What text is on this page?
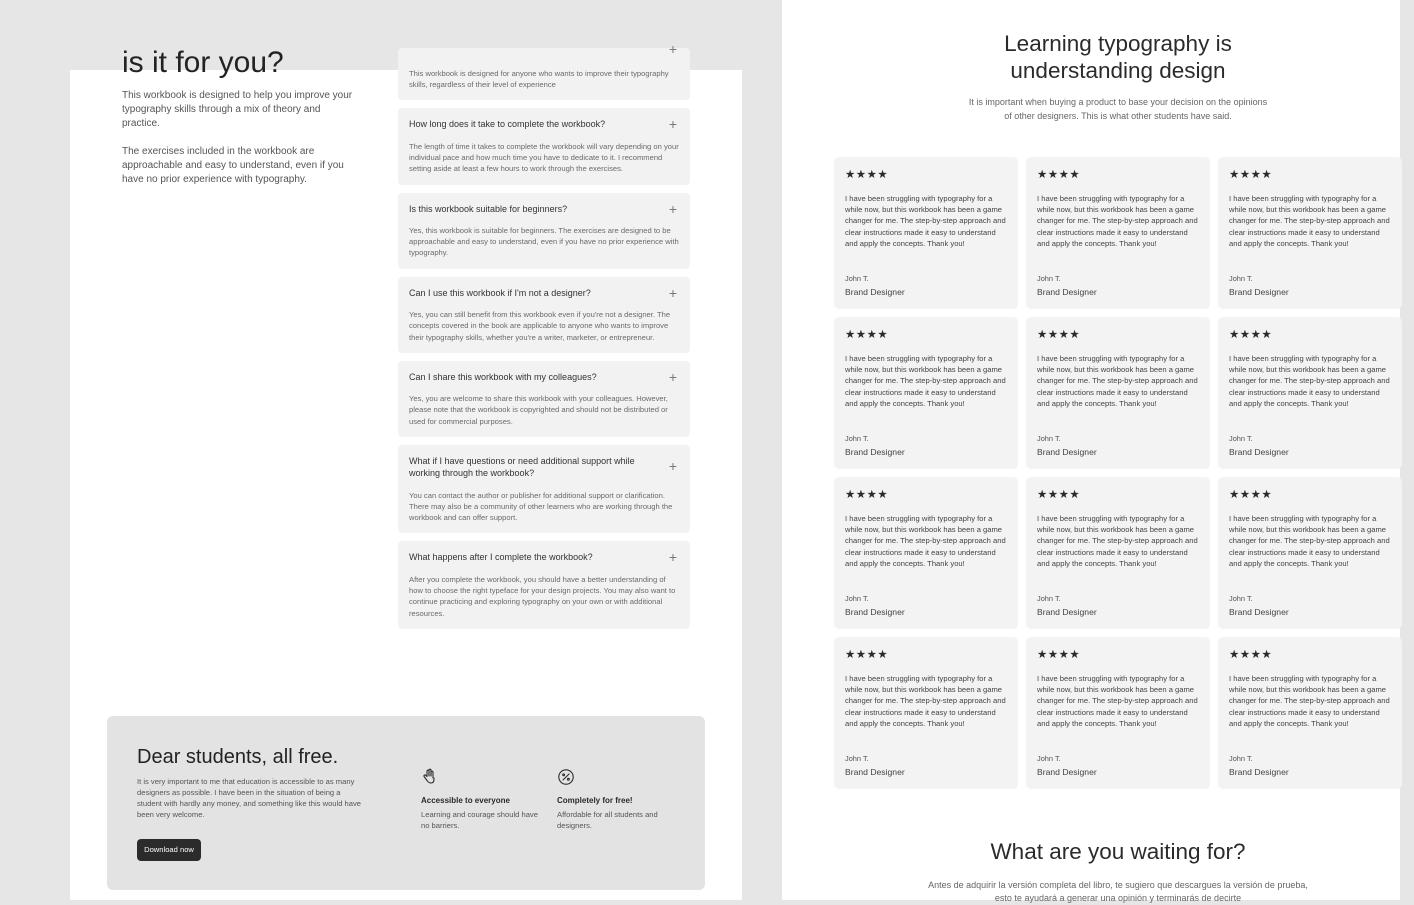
is it for you?

This workbook is designed to help you improve your typography skills through a mix of theory and practice.

The exercises included in the workbook are approachable and easy to understand, even if you have no prior experience with typography.

+
This workbook is designed for anyone who wants to improve their typography skills, regardless of their level of experience
How long does it take to complete the workbook?	+
The length of time it takes to complete the workbook will vary depending on your individual pace and how much time you have to dedicate to it. I recommend setting aside at least a few hours to work through the exercises.
Is this workbook suitable for beginners?	+
Yes, this workbook is suitable for beginners. The exercises are designed to be approachable and easy to understand, even if you have no prior experience with typography.
Can I use this workbook if I'm not a designer?	+
Yes, you can still benefit from this workbook even if you're not a designer. The concepts covered in the book are applicable to anyone who wants to improve their typography skills, whether you're a writer, marketer, or entrepreneur.
Can I share this workbook with my colleagues?	+
Yes, you are welcome to share this workbook with your colleagues. However, please note that the workbook is copyrighted and should not be distributed or used for commercial purposes.
What if I have questions or need additional support while working through the workbook?	+
You can contact the author or publisher for additional support or clarification. There may also be a community of other learners who are working through the workbook and can offer support.
What happens after I complete the workbook?	+
After you complete the workbook, you should have a better understanding of how to choose the right typeface for your design projects. You may also want to continue practicing and exploring typography on your own or with additional resources.
Dear students, all free.

It is very important to me that education is accessible to as many designers as possible. I have been in the situation of being a student with hardly any money, and something like this would have been very welcome.

Download now
Accessible to everyone
Learning and courage should have no barriers.
Completely for free!
Affordable for all students and designers.
Learning typography is understanding design

It is important when buying a product to base your decision on the opinions of other designers. This is what other students have said.

★★★★

I have been struggling with typography for a while now, but this workbook has been a game changer for me. The step-by-step approach and clear instructions made it easy to understand and apply the concepts. Thank you!

John T.
Brand Designer
★★★★

I have been struggling with typography for a while now, but this workbook has been a game changer for me. The step-by-step approach and clear instructions made it easy to understand and apply the concepts. Thank you!

John T.
Brand Designer
★★★★

I have been struggling with typography for a while now, but this workbook has been a game changer for me. The step-by-step approach and clear instructions made it easy to understand and apply the concepts. Thank you!

John T.
Brand Designer
★★★★

I have been struggling with typography for a while now, but this workbook has been a game changer for me. The step-by-step approach and clear instructions made it easy to understand and apply the concepts. Thank you!

John T.
Brand Designer
★★★★

I have been struggling with typography for a while now, but this workbook has been a game changer for me. The step-by-step approach and clear instructions made it easy to understand and apply the concepts. Thank you!

John T.
Brand Designer
★★★★

I have been struggling with typography for a while now, but this workbook has been a game changer for me. The step-by-step approach and clear instructions made it easy to understand and apply the concepts. Thank you!

John T.
Brand Designer
★★★★

I have been struggling with typography for a while now, but this workbook has been a game changer for me. The step-by-step approach and clear instructions made it easy to understand and apply the concepts. Thank you!

John T.
Brand Designer
★★★★

I have been struggling with typography for a while now, but this workbook has been a game changer for me. The step-by-step approach and clear instructions made it easy to understand and apply the concepts. Thank you!

John T.
Brand Designer
★★★★

I have been struggling with typography for a while now, but this workbook has been a game changer for me. The step-by-step approach and clear instructions made it easy to understand and apply the concepts. Thank you!

John T.
Brand Designer
★★★★

I have been struggling with typography for a while now, but this workbook has been a game changer for me. The step-by-step approach and clear instructions made it easy to understand and apply the concepts. Thank you!

John T.
Brand Designer
★★★★

I have been struggling with typography for a while now, but this workbook has been a game changer for me. The step-by-step approach and clear instructions made it easy to understand and apply the concepts. Thank you!

John T.
Brand Designer
★★★★

I have been struggling with typography for a while now, but this workbook has been a game changer for me. The step-by-step approach and clear instructions made it easy to understand and apply the concepts. Thank you!

John T.
Brand Designer
What are you waiting for?

Antes de adquirir la versión completa del libro, te sugiero que descargues la versión de prueba, esto te ayudará a generar una opinión y terminarás de decirte
